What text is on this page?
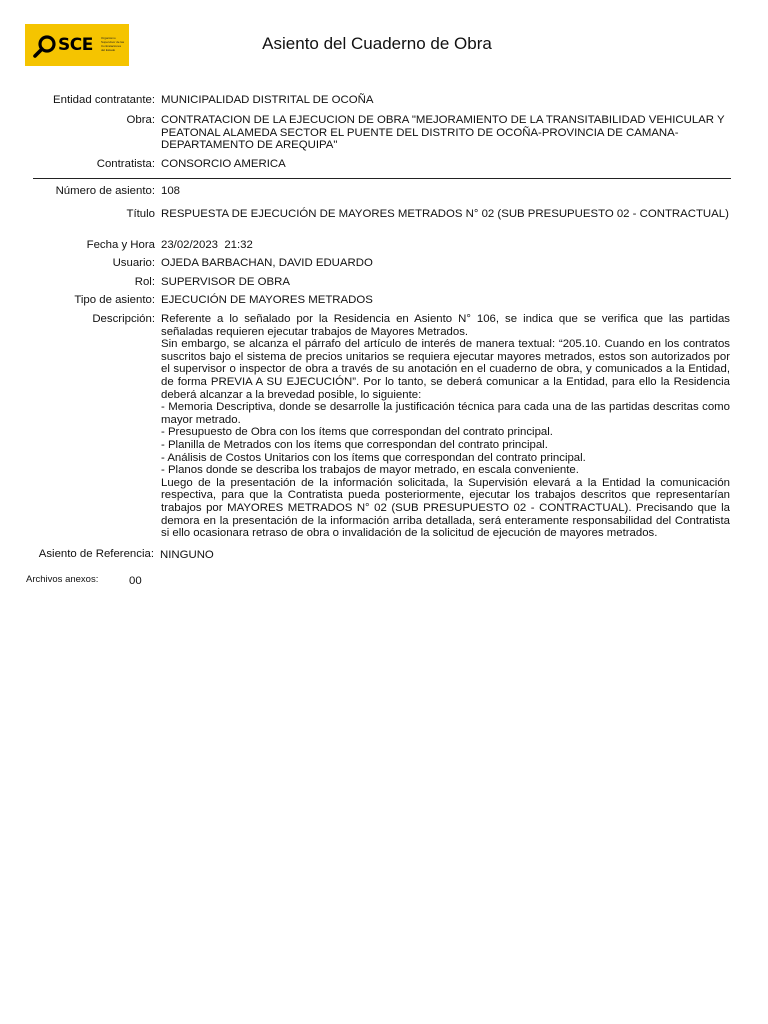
SCE	Organismo
Supervisor de las
Contrataciones
del Estado	Asiento del Cuaderno de Obra
Entidad contratante: MUNICIPALIDAD DISTRITAL DE OCOÑA
Obra: CONTRATACION DE LA EJECUCION DE OBRA "MEJORAMIENTO DE LA TRANSITABILIDAD VEHICULAR Y PEATONAL ALAMEDA SECTOR EL PUENTE DEL DISTRITO DE OCOÑA-PROVINCIA DE CAMANA-DEPARTAMENTO DE AREQUIPA"
Contratista: CONSORCIO AMERICA
Número de asiento: 108
Título RESPUESTA DE EJECUCIÓN DE MAYORES METRADOS N° 02 (SUB PRESUPUESTO 02 - CONTRACTUAL)
Fecha y Hora 23/02/2023  21:32
Usuario: OJEDA BARBACHAN, DAVID EDUARDO
Rol: SUPERVISOR DE OBRA
Tipo de asiento: EJECUCIÓN DE MAYORES METRADOS
Descripción: Referente a lo señalado por la Residencia en Asiento N° 106, se indica que se verifica que las partidas señaladas requieren ejecutar trabajos de Mayores Metrados.

Sin embargo, se alcanza el párrafo del artículo de interés de manera textual: “205.10. Cuando en los contratos suscritos bajo el sistema de precios unitarios se requiera ejecutar mayores metrados, estos son autorizados por el supervisor o inspector de obra a través de su anotación en el cuaderno de obra, y comunicados a la Entidad, de forma PREVIA A SU EJECUCIÓN”. Por lo tanto, se deberá comunicar a la Entidad, para ello la Residencia deberá alcanzar a la brevedad posible, lo siguiente:

- Memoria Descriptiva, donde se desarrolle la justificación técnica para cada una de las partidas descritas como mayor metrado.

- Presupuesto de Obra con los ítems que correspondan del contrato principal.

- Planilla de Metrados con los ítems que correspondan del contrato principal.

- Análisis de Costos Unitarios con los ítems que correspondan del contrato principal.

- Planos donde se describa los trabajos de mayor metrado, en escala conveniente.

Luego de la presentación de la información solicitada, la Supervisión elevará a la Entidad la comunicación respectiva, para que la Contratista pueda posteriormente, ejecutar los trabajos descritos que representarían trabajos por MAYORES METRADOS N° 02 (SUB PRESUPUESTO 02 - CONTRACTUAL). Precisando que la demora en la presentación de la información arriba detallada, será enteramente responsabilidad del Contratista si ello ocasionara retraso de obra o invalidación de la solicitud de ejecución de mayores metrados.

Asiento de Referencia: NINGUNO
Archivos anexos:	00
